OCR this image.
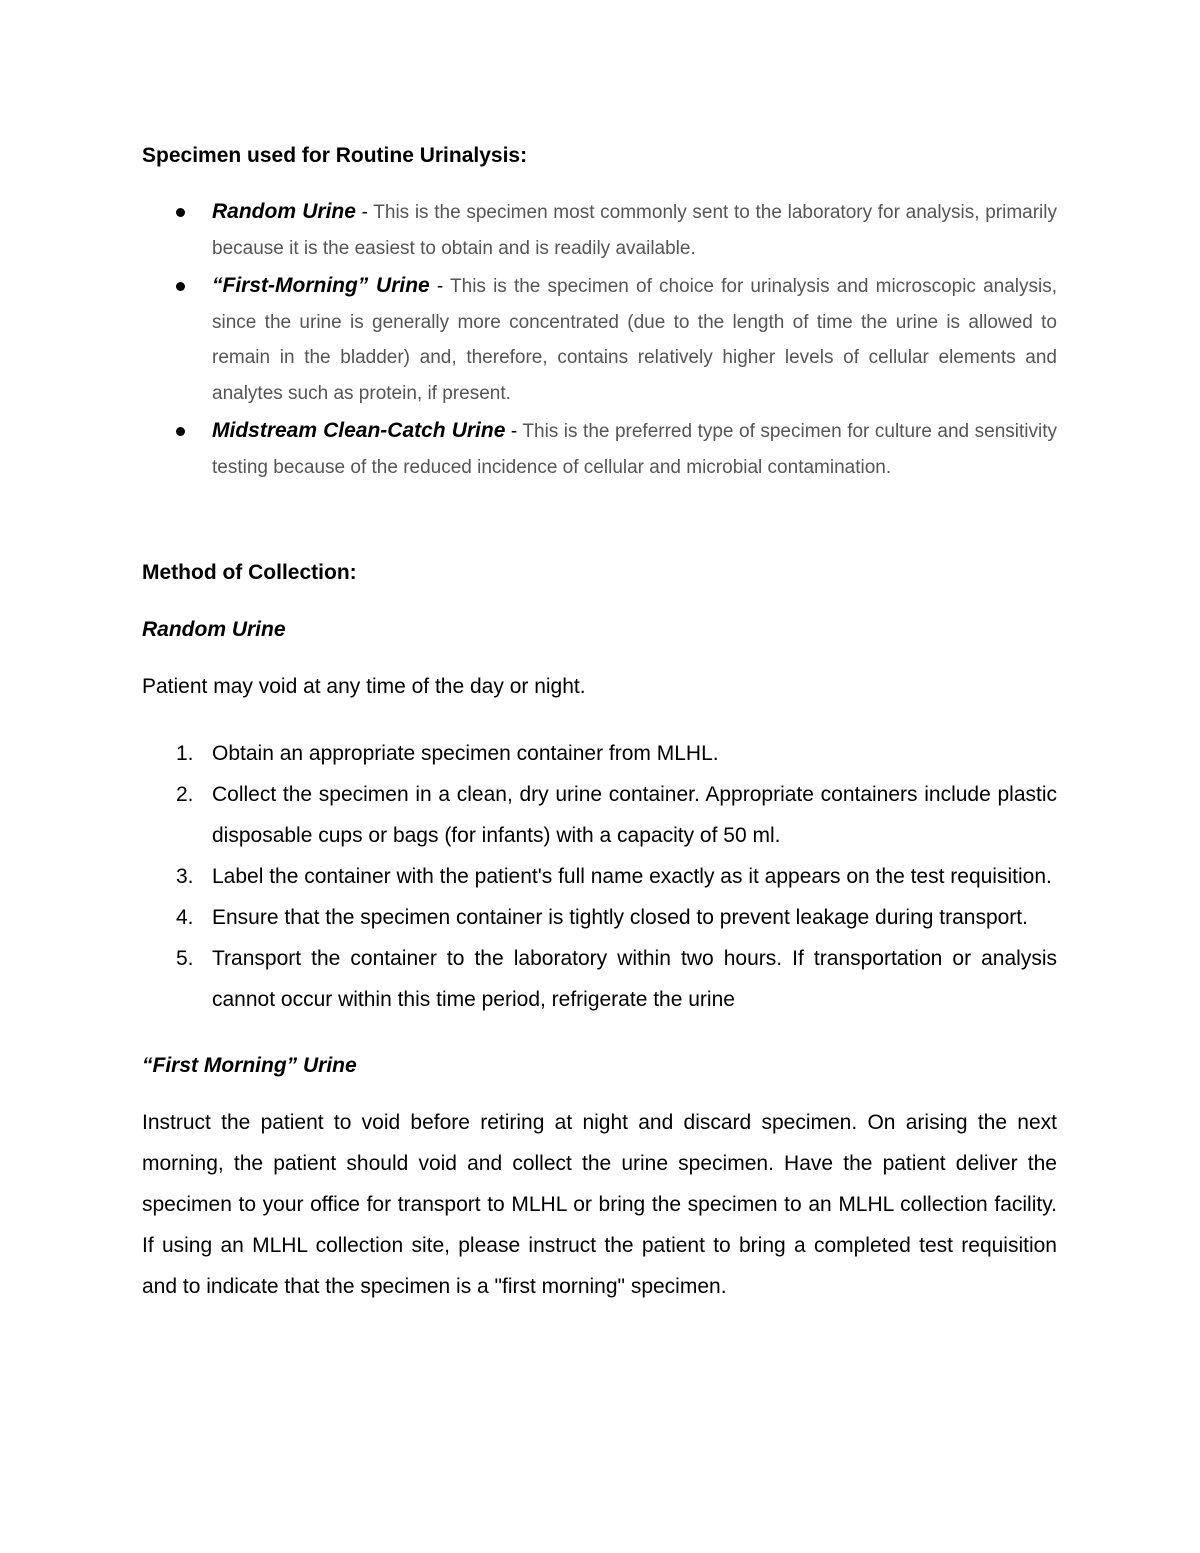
Specimen used for Routine Urinalysis:

Random Urine - This is the specimen most commonly sent to the laboratory for analysis, primarily because it is the easiest to obtain and is readily available.
“First-Morning” Urine - This is the specimen of choice for urinalysis and microscopic analysis, since the urine is generally more concentrated (due to the length of time the urine is allowed to remain in the bladder) and, therefore, contains relatively higher levels of cellular elements and analytes such as protein, if present.
Midstream Clean-Catch Urine - This is the preferred type of specimen for culture and sensitivity testing because of the reduced incidence of cellular and microbial contamination.

Method of Collection:

Random Urine

Patient may void at any time of the day or night.

1. Obtain an appropriate specimen container from MLHL.
2. Collect the specimen in a clean, dry urine container. Appropriate containers include plastic disposable cups or bags (for infants) with a capacity of 50 ml.
3. Label the container with the patient's full name exactly as it appears on the test requisition.
4. Ensure that the specimen container is tightly closed to prevent leakage during transport.
5. Transport the container to the laboratory within two hours. If transportation or analysis cannot occur within this time period, refrigerate the urine

“First Morning” Urine

Instruct the patient to void before retiring at night and discard specimen. On arising the next morning, the patient should void and collect the urine specimen. Have the patient deliver the specimen to your office for transport to MLHL or bring the specimen to an MLHL collection facility. If using an MLHL collection site, please instruct the patient to bring a completed test requisition and to indicate that the specimen is a "first morning" specimen.
